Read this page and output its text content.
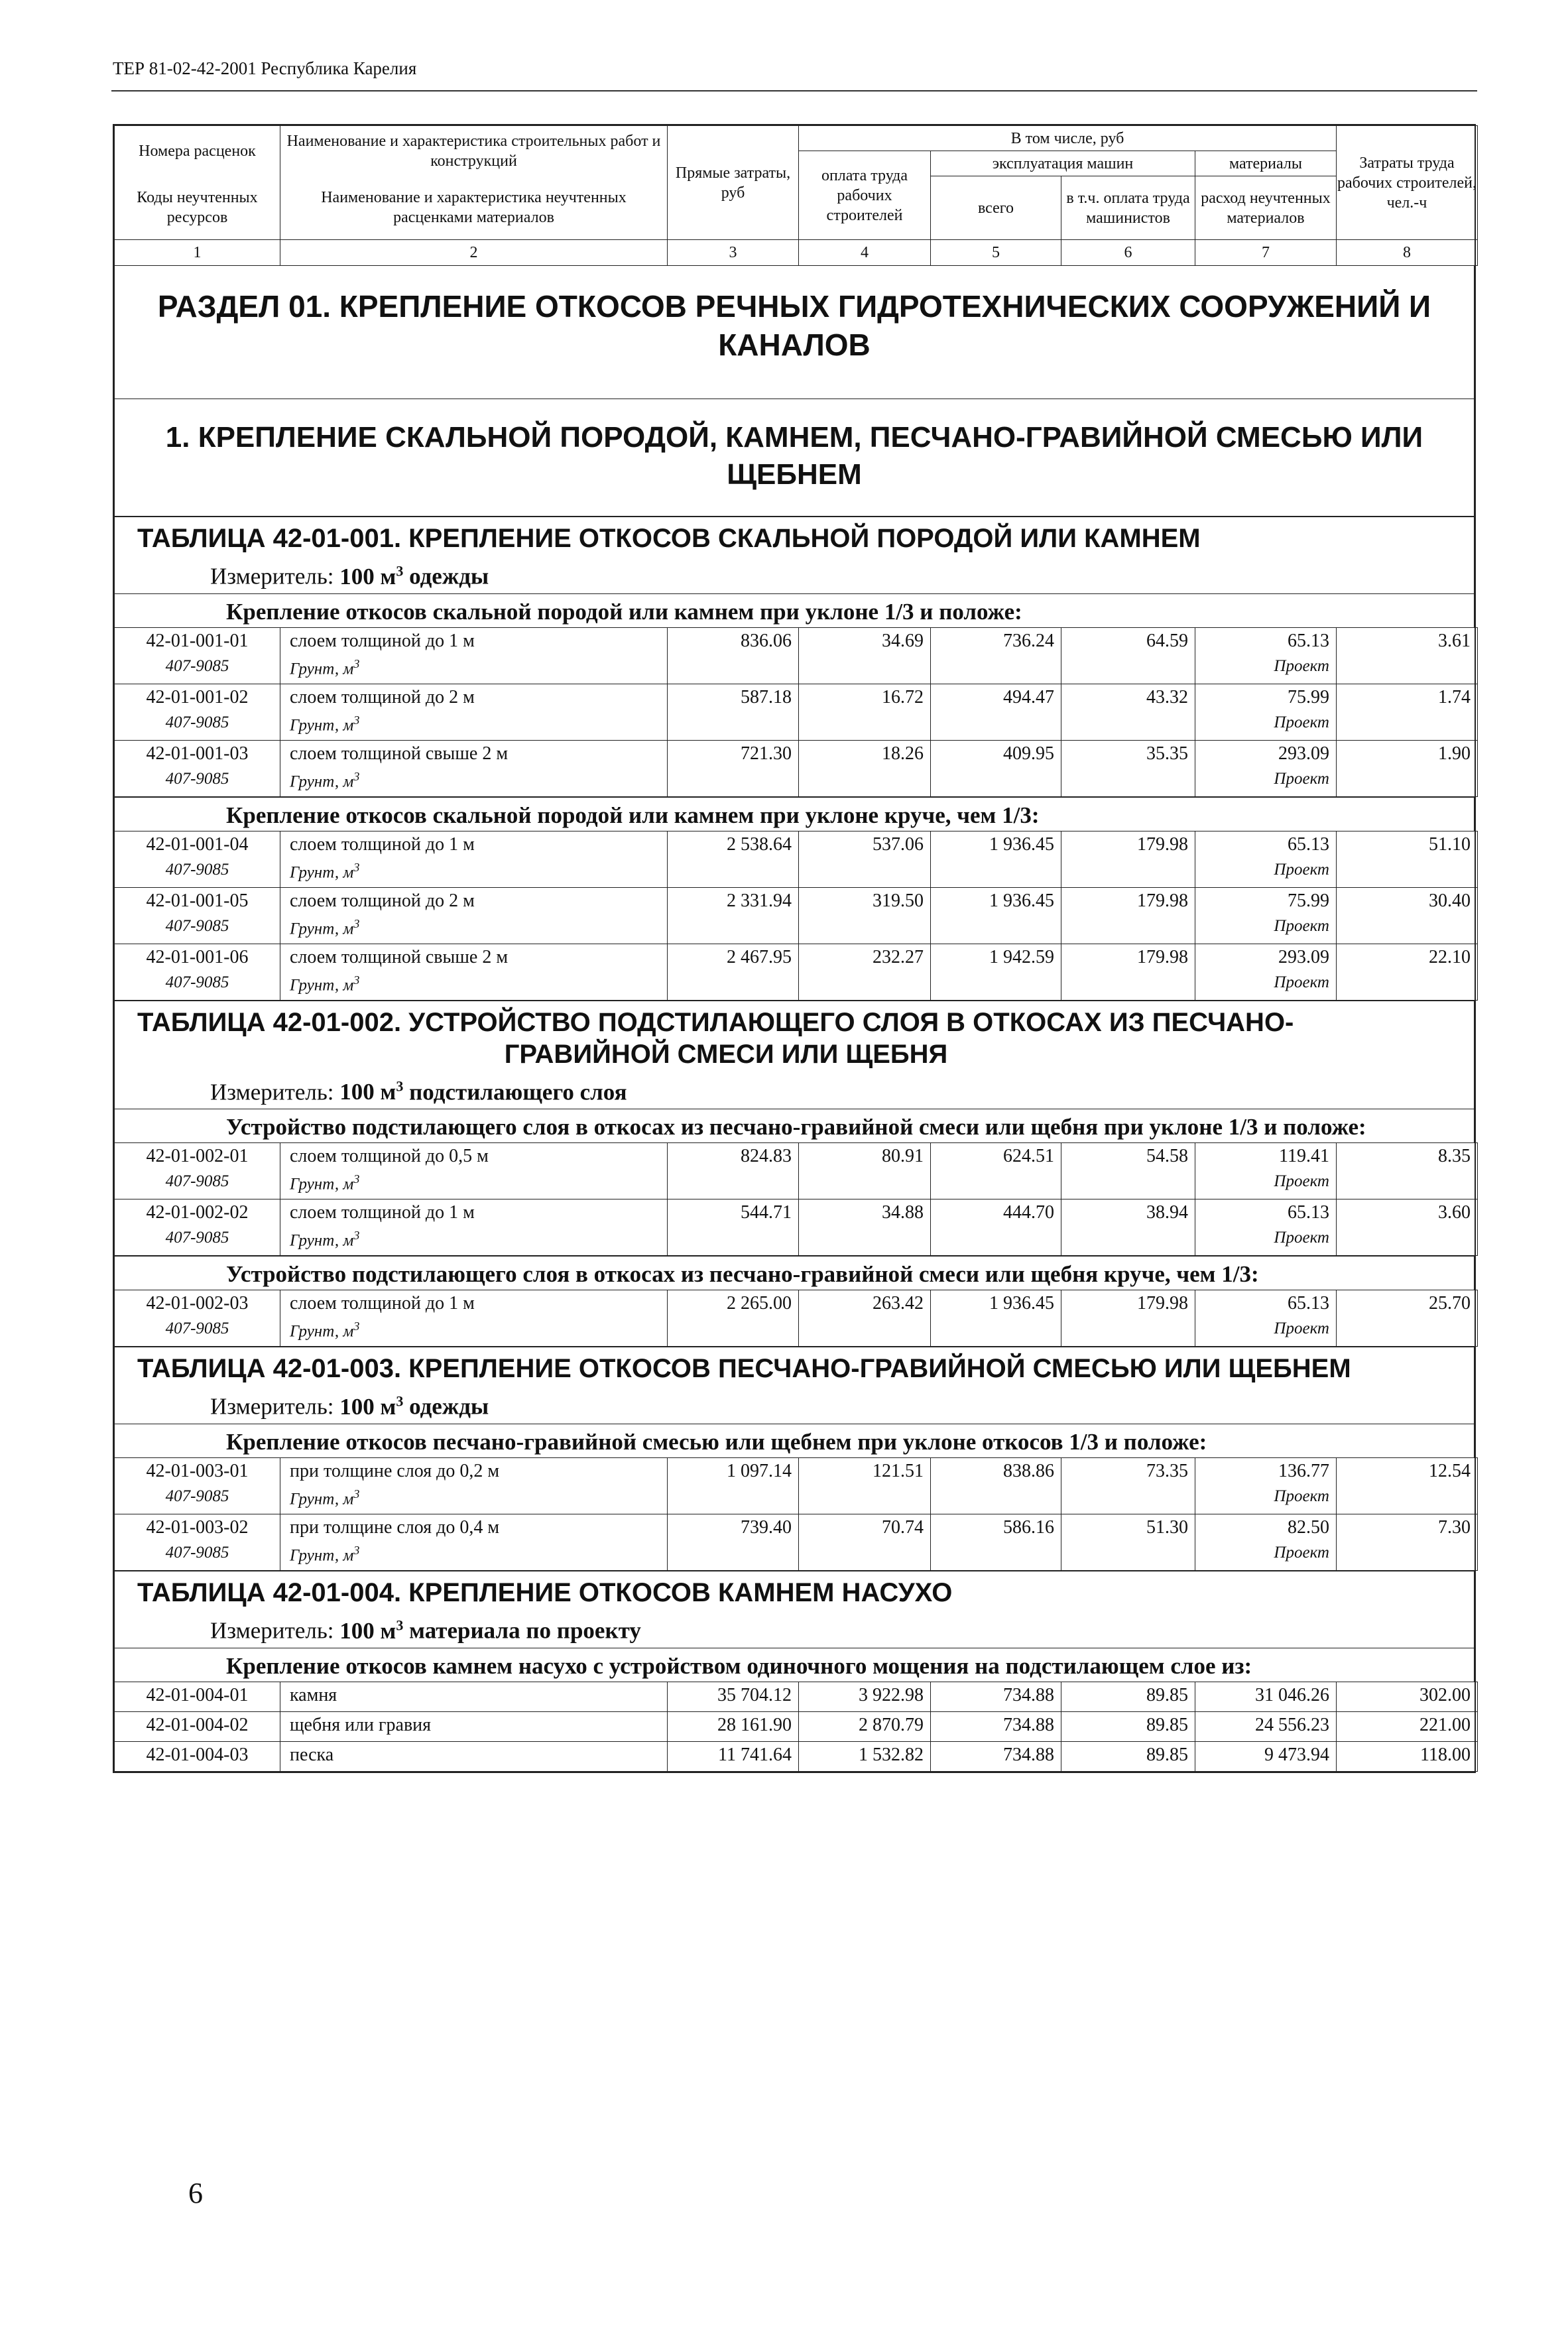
ТЕР 81-02-42-2001 Республика Карелия
Номера расценок	Наименование и характеристика строительных работ и конструкций	Прямые затраты, руб	В том числе, руб				Затраты труда рабочих строителей, чел.-ч
			оплата труда рабочих строителей	эксплуатация машин		материалы	
Коды неучтенных ресурсов	Наименование и характеристика неучтенных расценками материалов			всего	в т.ч. оплата труда машинистов	расход неучтенных материалов	

1	2	3	4	5	6	7	8
РАЗДЕЛ 01. КРЕПЛЕНИЕ ОТКОСОВ РЕЧНЫХ ГИДРОТЕХНИЧЕСКИХ СООРУЖЕНИЙ И КАНАЛОВ
1. КРЕПЛЕНИЕ СКАЛЬНОЙ ПОРОДОЙ, КАМНЕМ, ПЕСЧАНО-ГРАВИЙНОЙ СМЕСЬЮ ИЛИ ЩЕБНЕМ
ТАБЛИЦА 42-01-001. КРЕПЛЕНИЕ ОТКОСОВ СКАЛЬНОЙ ПОРОДОЙ ИЛИ КАМНЕМ
Измеритель: 100 $м^3$ одежды
Крепление откосов скальной породой или камнем при уклоне 1/3 и положе:
42-01-001-01	слоем толщиной до 1 м	836.06	34.69	736.24	64.59	65.13	3.61
407-9085	Грунт, $м^3$					Проект	
42-01-001-02	слоем толщиной до 2 м	587.18	16.72	494.47	43.32	75.99	1.74
407-9085	Грунт, $м^3$					Проект	
42-01-001-03	слоем толщиной свыше 2 м	721.30	18.26	409.95	35.35	293.09	1.90
407-9085	Грунт, $м^3$					Проект	
Крепление откосов скальной породой или камнем при уклоне круче, чем 1/3:
42-01-001-04	слоем толщиной до 1 м	2 538.64	537.06	1 936.45	179.98	65.13	51.10
407-9085	Грунт, $м^3$					Проект	
42-01-001-05	слоем толщиной до 2 м	2 331.94	319.50	1 936.45	179.98	75.99	30.40
407-9085	Грунт, $м^3$					Проект	
42-01-001-06	слоем толщиной свыше 2 м	2 467.95	232.27	1 942.59	179.98	293.09	22.10
407-9085	Грунт, $м^3$					Проект	
ТАБЛИЦА 42-01-002. УСТРОЙСТВО ПОДСТИЛАЮЩЕГО СЛОЯ В ОТКОСАХ ИЗ ПЕСЧАНО-
ГРАВИЙНОЙ СМЕСИ ИЛИ ЩЕБНЯ
Измеритель: 100 $м^3$ подстилающего слоя
Устройство подстилающего слоя в откосах из песчано-гравийной смеси или щебня при уклоне 1/3 и положе:
42-01-002-01	слоем толщиной до 0,5 м	824.83	80.91	624.51	54.58	119.41	8.35
407-9085	Грунт, $м^3$					Проект	
42-01-002-02	слоем толщиной до 1 м	544.71	34.88	444.70	38.94	65.13	3.60
407-9085	Грунт, $м^3$					Проект	
Устройство подстилающего слоя в откосах из песчано-гравийной смеси или щебня круче, чем 1/3:
42-01-002-03	слоем толщиной до 1 м	2 265.00	263.42	1 936.45	179.98	65.13	25.70
407-9085	Грунт, $м^3$					Проект	
ТАБЛИЦА 42-01-003. КРЕПЛЕНИЕ ОТКОСОВ ПЕСЧАНО-ГРАВИЙНОЙ СМЕСЬЮ ИЛИ ЩЕБНЕМ
Измеритель: 100 $м^3$ одежды
Крепление откосов песчано-гравийной смесью или щебнем при уклоне откосов 1/3 и положе:
42-01-003-01	при толщине слоя до 0,2 м	1 097.14	121.51	838.86	73.35	136.77	12.54
407-9085	Грунт, $м^3$					Проект	
42-01-003-02	при толщине слоя до 0,4 м	739.40	70.74	586.16	51.30	82.50	7.30
407-9085	Грунт, $м^3$					Проект	
ТАБЛИЦА 42-01-004. КРЕПЛЕНИЕ ОТКОСОВ КАМНЕМ НАСУХО
Измеритель: 100 $м^3$ материала по проекту
Крепление откосов камнем насухо с устройством одиночного мощения на подстилающем слое из:
42-01-004-01	камня	35 704.12	3 922.98	734.88	89.85	31 046.26	302.00
42-01-004-02	щебня или гравия	28 161.90	2 870.79	734.88	89.85	24 556.23	221.00
42-01-004-03	песка	11 741.64	1 532.82	734.88	89.85	9 473.94	118.00
6
